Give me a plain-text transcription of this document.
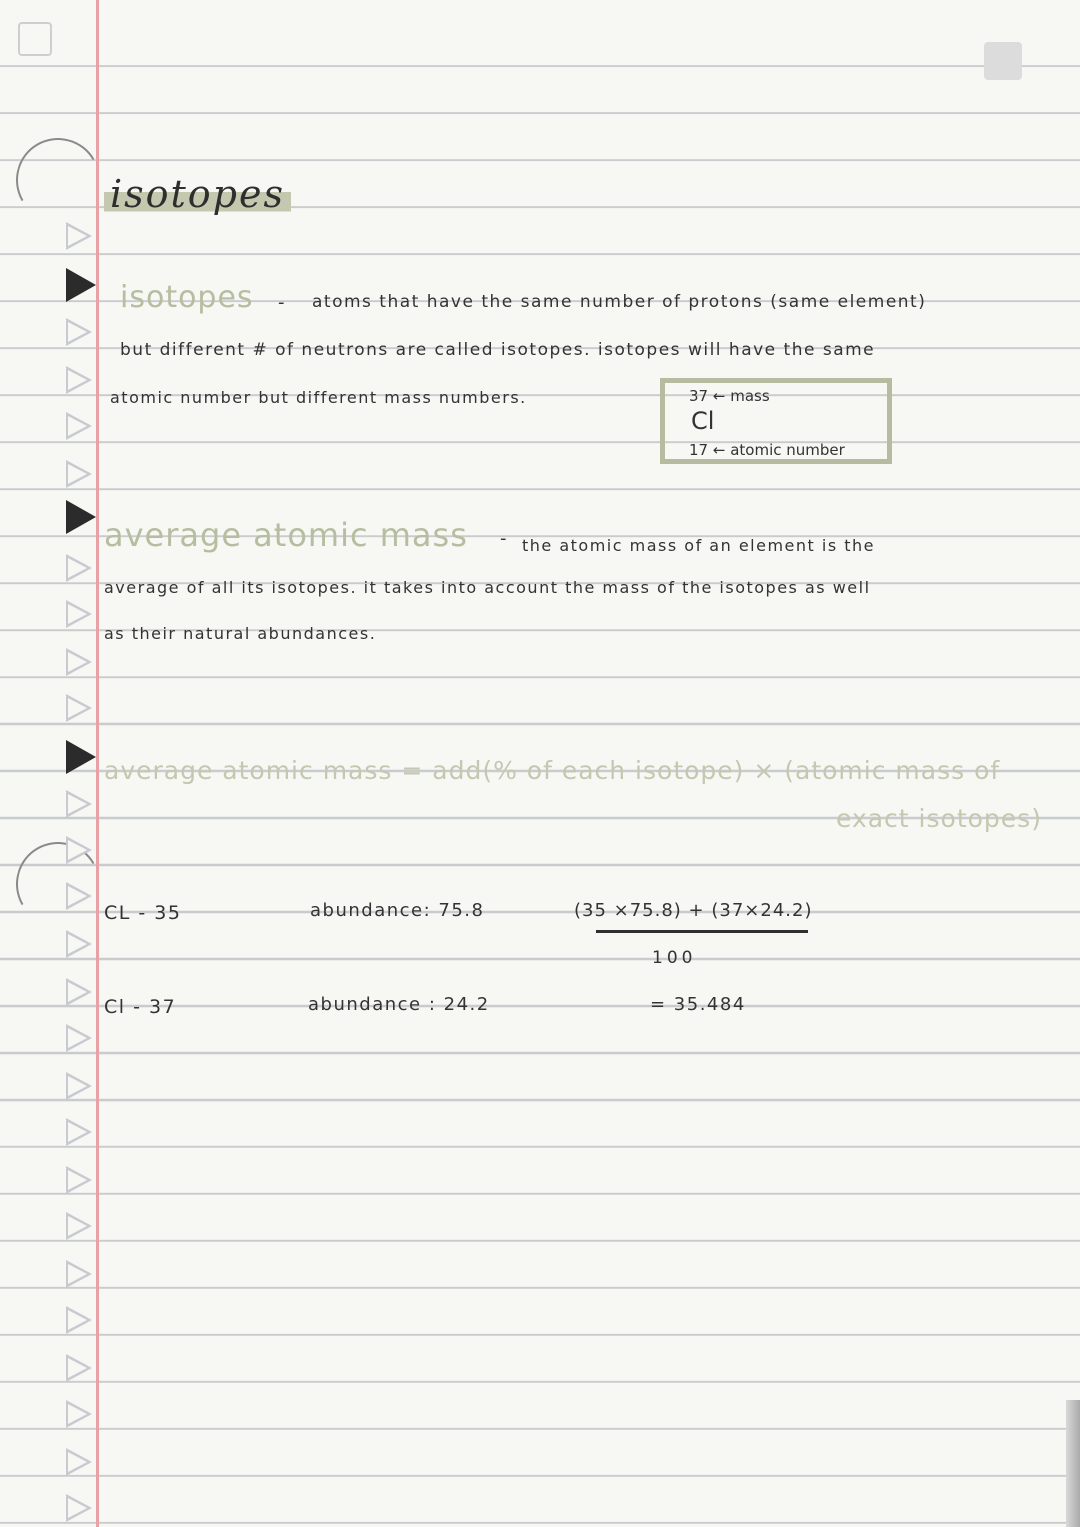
isotopes
isotopes - atoms that have the same number of protons (same element)
but different # of neutrons are called isotopes. isotopes will have the same
atomic number but different mass numbers.	37 ← mass
Cl
17 ← atomic number
average atomic mass - the atomic mass of an element is the
average of all its isotopes. it takes into account the mass of the isotopes as well
as their natural abundances.
average atomic mass = add(% of each isotope) × (atomic mass of
exact isotopes)
CL - 35	abundance: 75.8
Cl - 37	abundance : 24.2
(35 ×75.8) + (37×24.2)
100
= 35.484
